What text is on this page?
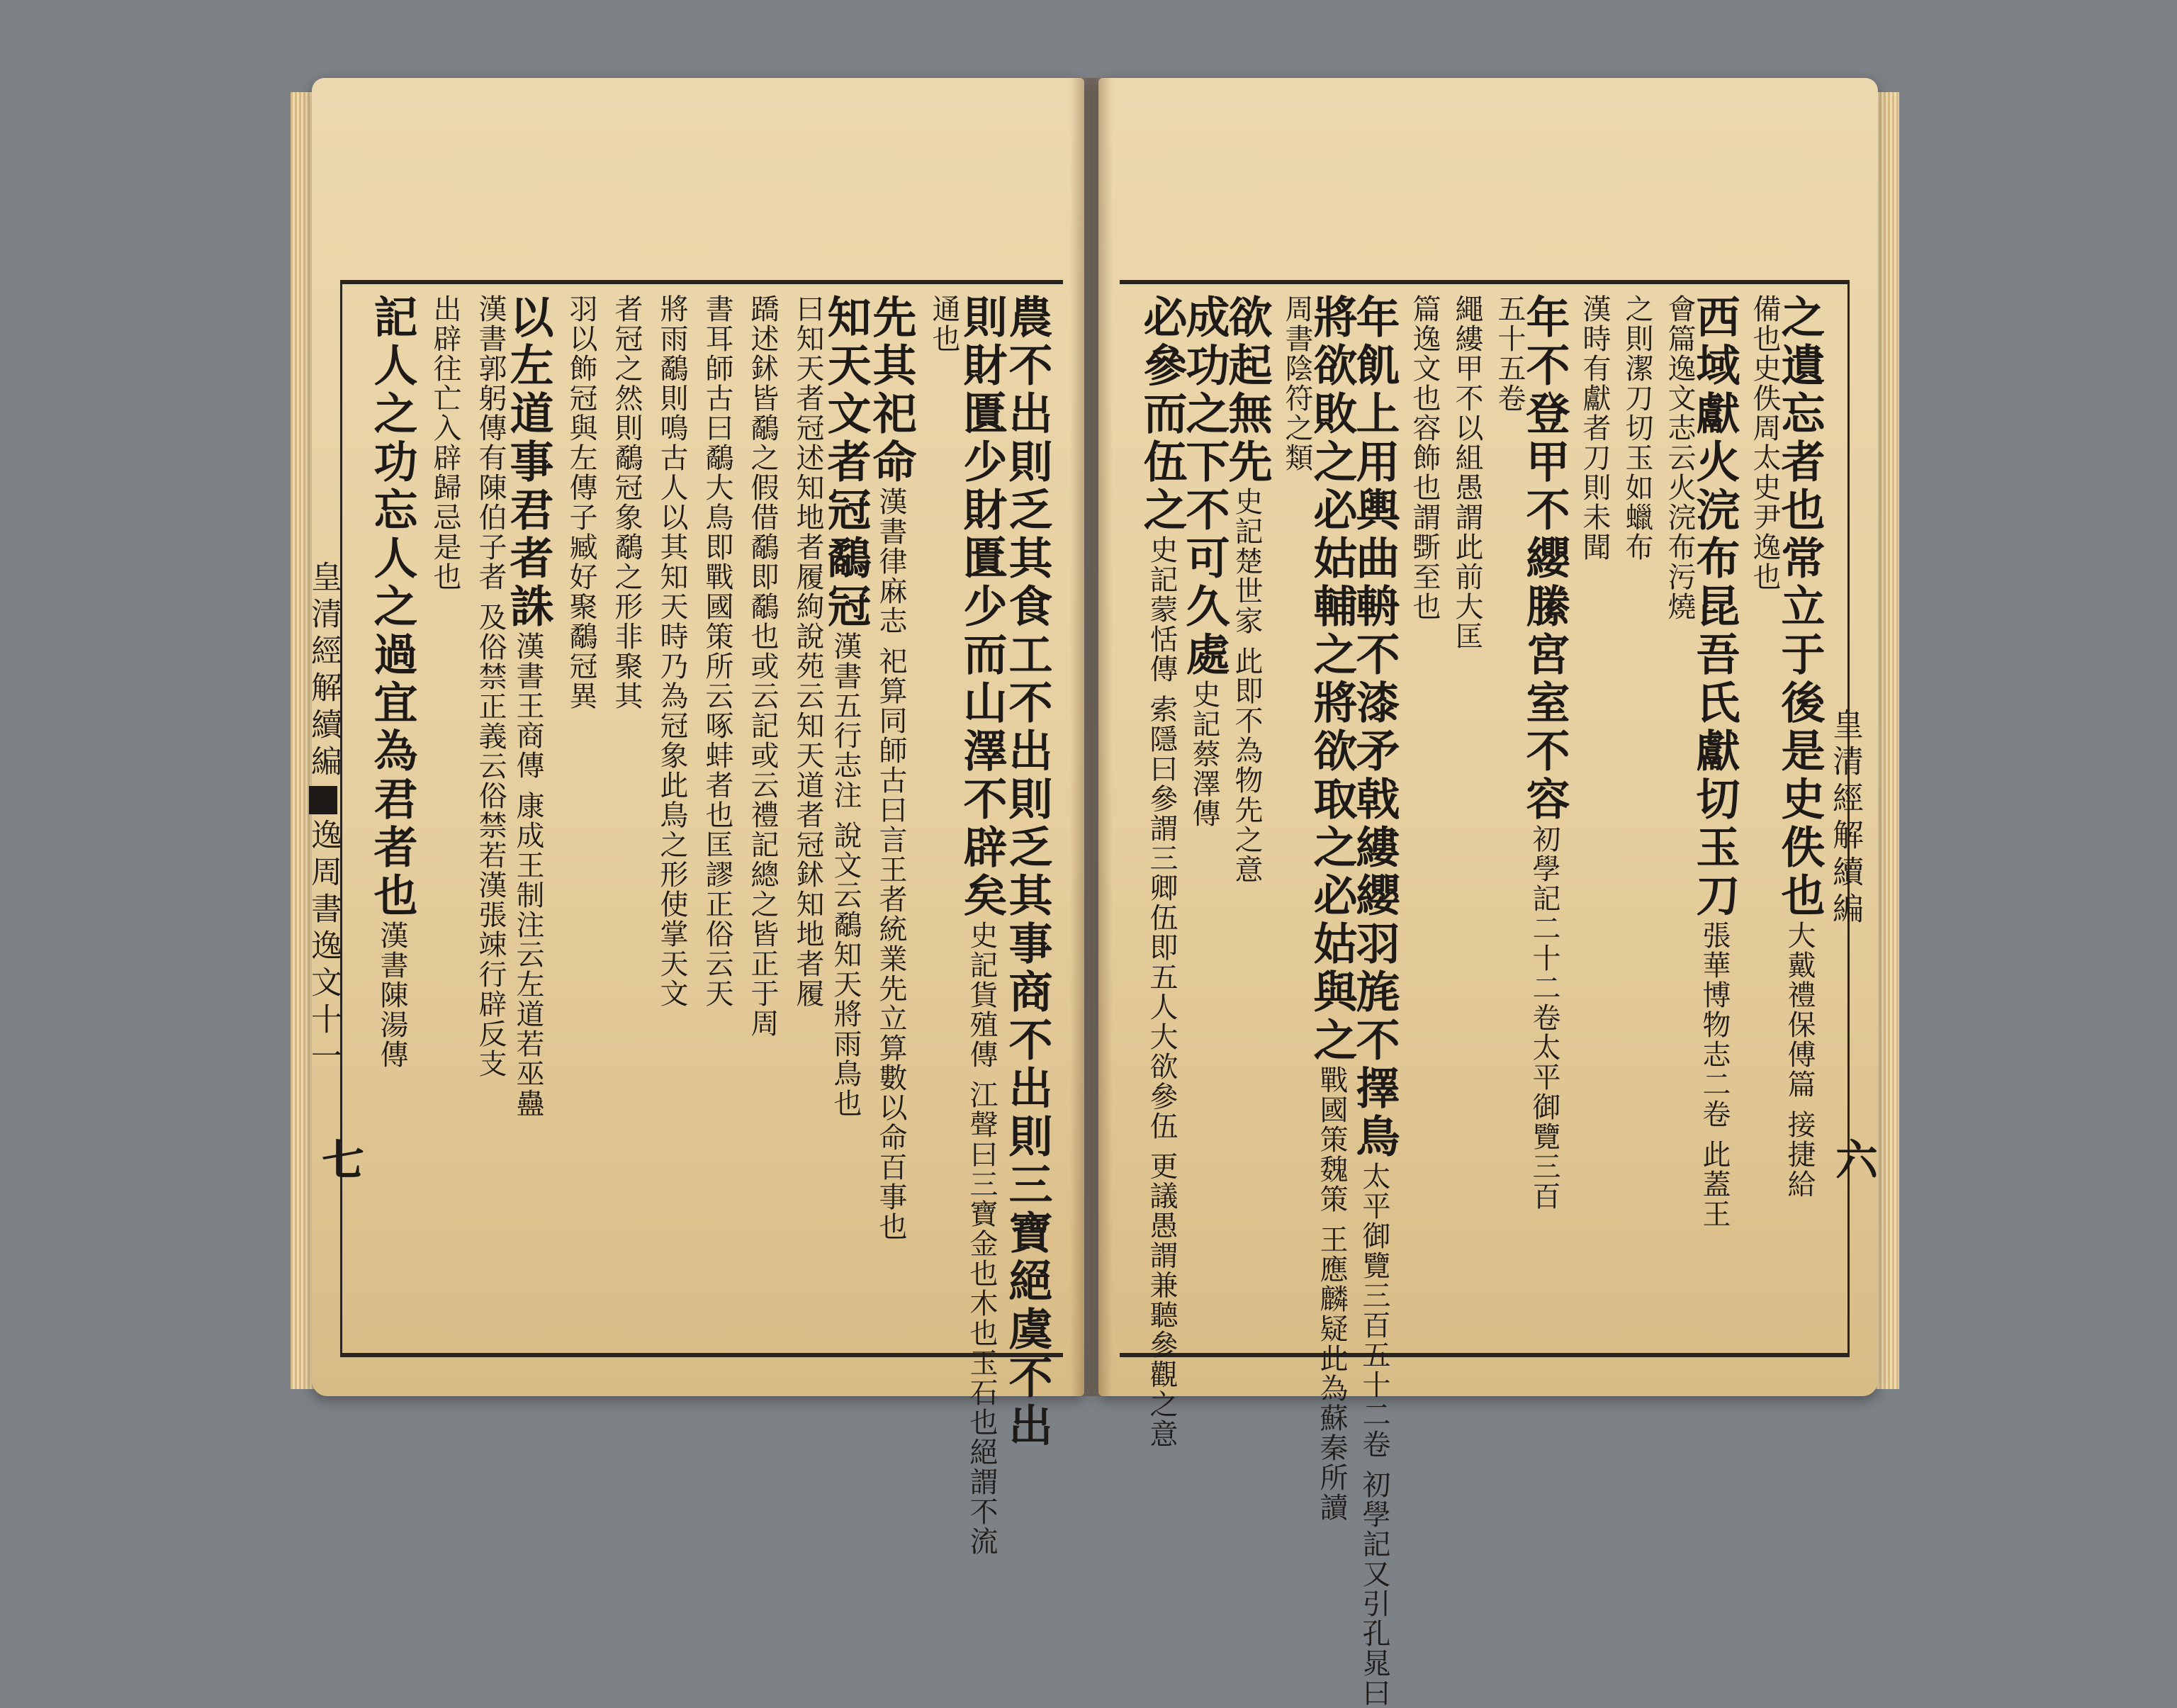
農不出則乏其食工不出則乏其事商不出則三寶絕虞不出
則財匱少財匱少而山澤不辟矣史記貨殖傳 江聲曰三寶金也木也玉石也絕謂不流
通也
先其祀命漢書律麻志 祀算同師古曰言王者統業先立算數以命百事也
知天文者冠鷸冠漢書五行志注 說文云鷸知天將雨鳥也
曰知天者冠述知地者履絇說苑云知天道者冠鉥知地者履
蹻述鉥皆鷸之假借鷸即鷸也或云記或云禮記總之皆正于周
書耳師古曰鷸大鳥即戰國策所云啄蚌者也匡謬正俗云天
將雨鷸則鳴古人以其知天時乃為冠象此鳥之形使掌天文
者冠之然則鷸冠象鷸之形非聚其
羽以飾冠與左傳子臧好聚鷸冠異
以左道事君者誅漢書王商傳 康成王制注云左道若巫蠱
漢書郭躬傳有陳伯子者 及俗禁正義云俗禁若漢張竦行辟反支
出辟往亡入辟歸忌是也
記人之功忘人之過宜為君者也漢書陳湯傳
皇清經解續編逸周書逸文十一
七
之遺忘者也常立于後是史佚也大戴禮保傅篇 接捷給
備也史佚周太史尹逸也
西域獻火浣布昆吾氏獻切玉刀張華博物志二卷 此蓋王
會篇逸文志云火浣布污燒
之則潔刀切玉如蠟布
漢時有獻者刀則未聞
年不登甲不纓縢宮室不容初學記二十二卷太平御覽三百
五十五卷
繩縷甲不以組愚謂此前大匡
篇逸文也容飾也謂斲至也
年飢上用輿曲輈不漆矛戟縷纓羽旄不擇鳥太平御覽三百五十二卷 初學記又引孔晁曰
將欲敗之必姑輔之將欲取之必姑與之戰國策魏策 王應麟疑此為蘇秦所讀
周書陰符之類
欲起無先史記楚世家 此即不為物先之意
成功之下不可久處史記蔡澤傳
必參而伍之史記蒙恬傳 索隱曰參謂三卿伍即五人大欲參伍 更議愚謂兼聽參觀之意	皇清經解續編
六
